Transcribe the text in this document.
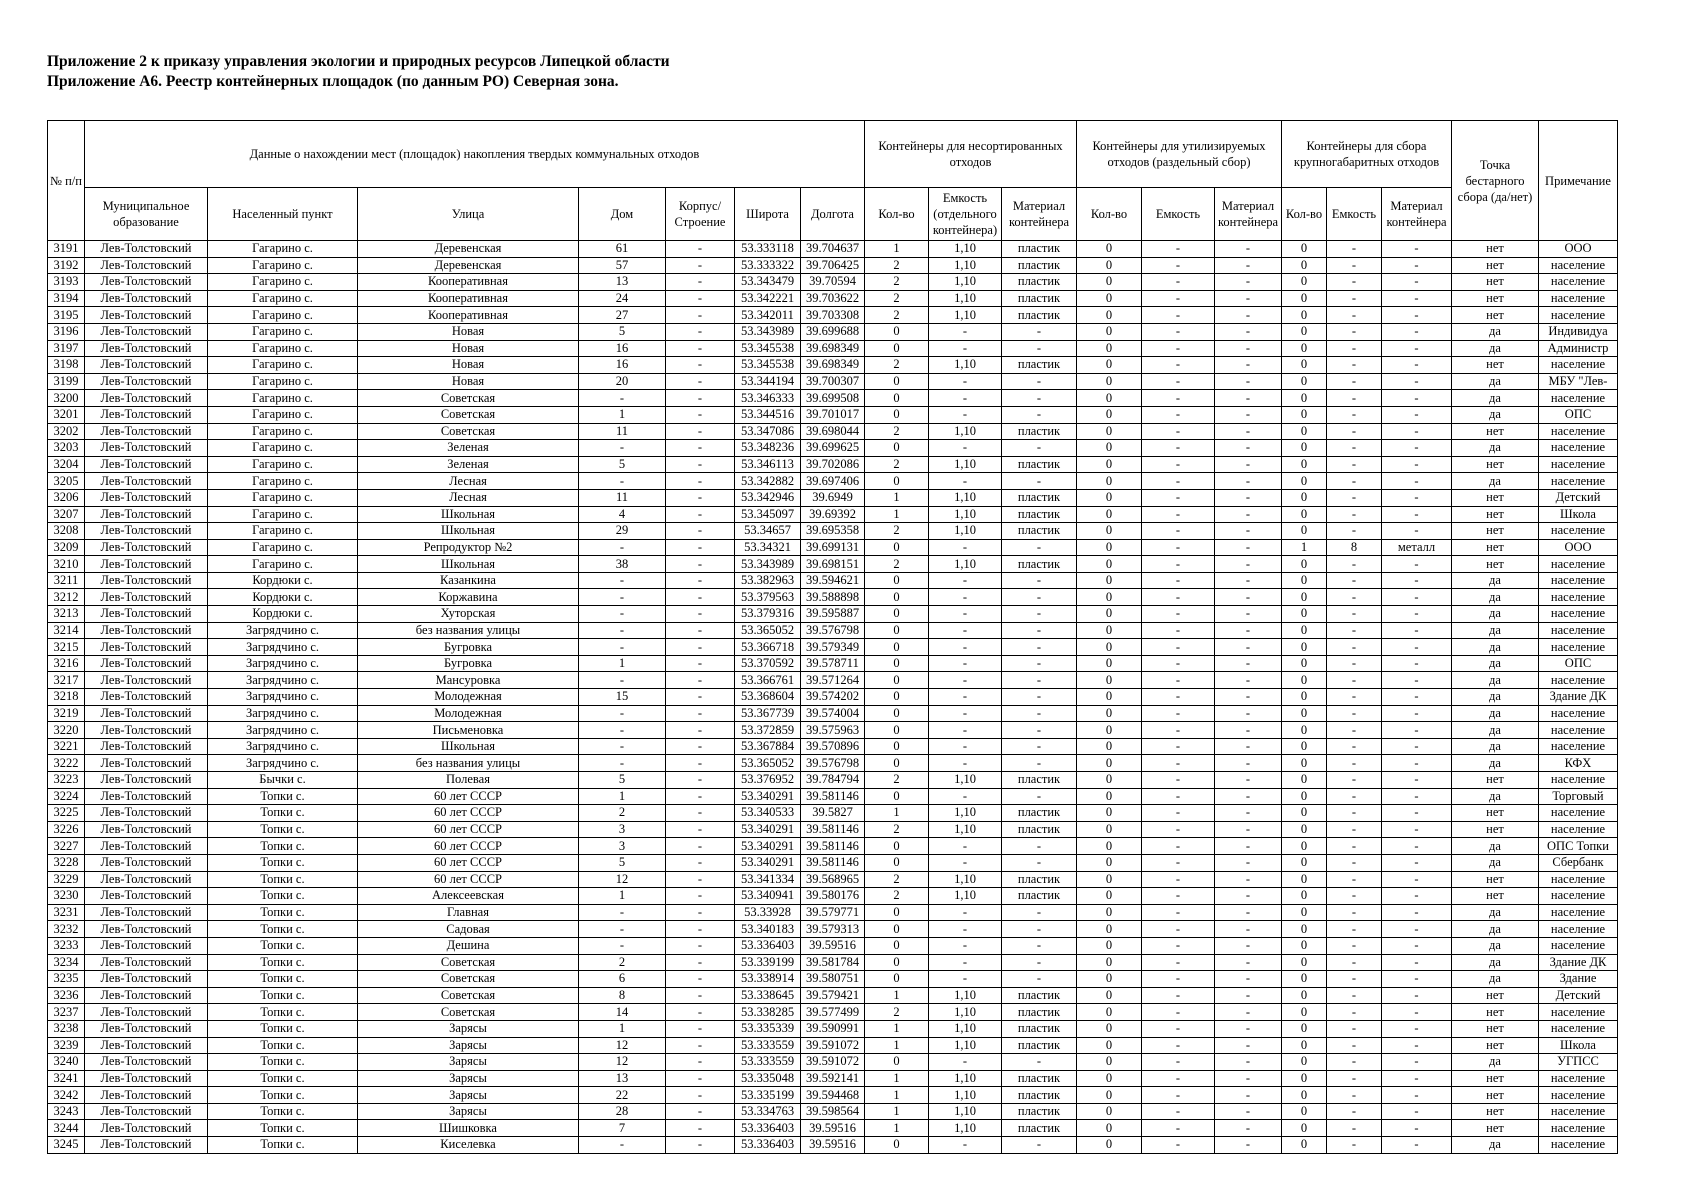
Приложение 2 к приказу управления экологии и природных ресурсов Липецкой области
Приложение А6. Реестр контейнерных площадок (по данным РО) Северная зона.
№ п/п	Данные о нахождении мест (площадок) накопления твердых коммунальных отходов							Контейнеры для несортированных отходов			Контейнеры для утилизируемых отходов (раздельный сбор)			Контейнеры для сбора крупногабаритных отходов			Точка бестарного сбора (да/нет)	Примечание
	Муниципальное образование	Населенный пункт	Улица	Дом	Корпус/ Строение	Широта	Долгота	Кол-во	Емкость (отдельного контейнера)	Материал контейнера	Кол-во	Емкость	Материал контейнера	Кол-во	Емкость	Материал контейнера		
3191	Лев-Толстовский	Гагарино с.	Деревенская	61	-	53.333118	39.704637	1	1,10	пластик	0	-	-	0	-	-	нет	ООО
3192	Лев-Толстовский	Гагарино с.	Деревенская	57	-	53.333322	39.706425	2	1,10	пластик	0	-	-	0	-	-	нет	население
3193	Лев-Толстовский	Гагарино с.	Кооперативная	13	-	53.343479	39.70594	2	1,10	пластик	0	-	-	0	-	-	нет	население
3194	Лев-Толстовский	Гагарино с.	Кооперативная	24	-	53.342221	39.703622	2	1,10	пластик	0	-	-	0	-	-	нет	население
3195	Лев-Толстовский	Гагарино с.	Кооперативная	27	-	53.342011	39.703308	2	1,10	пластик	0	-	-	0	-	-	нет	население
3196	Лев-Толстовский	Гагарино с.	Новая	5	-	53.343989	39.699688	0	-	-	0	-	-	0	-	-	да	Индивидуа
3197	Лев-Толстовский	Гагарино с.	Новая	16	-	53.345538	39.698349	0	-	-	0	-	-	0	-	-	да	Администр
3198	Лев-Толстовский	Гагарино с.	Новая	16	-	53.345538	39.698349	2	1,10	пластик	0	-	-	0	-	-	нет	население
3199	Лев-Толстовский	Гагарино с.	Новая	20	-	53.344194	39.700307	0	-	-	0	-	-	0	-	-	да	МБУ "Лев-
3200	Лев-Толстовский	Гагарино с.	Советская	-	-	53.346333	39.699508	0	-	-	0	-	-	0	-	-	да	население
3201	Лев-Толстовский	Гагарино с.	Советская	1	-	53.344516	39.701017	0	-	-	0	-	-	0	-	-	да	ОПС
3202	Лев-Толстовский	Гагарино с.	Советская	11	-	53.347086	39.698044	2	1,10	пластик	0	-	-	0	-	-	нет	население
3203	Лев-Толстовский	Гагарино с.	Зеленая	-	-	53.348236	39.699625	0	-	-	0	-	-	0	-	-	да	население
3204	Лев-Толстовский	Гагарино с.	Зеленая	5	-	53.346113	39.702086	2	1,10	пластик	0	-	-	0	-	-	нет	население
3205	Лев-Толстовский	Гагарино с.	Лесная	-	-	53.342882	39.697406	0	-	-	0	-	-	0	-	-	да	население
3206	Лев-Толстовский	Гагарино с.	Лесная	11	-	53.342946	39.6949	1	1,10	пластик	0	-	-	0	-	-	нет	Детский
3207	Лев-Толстовский	Гагарино с.	Школьная	4	-	53.345097	39.69392	1	1,10	пластик	0	-	-	0	-	-	нет	Школа
3208	Лев-Толстовский	Гагарино с.	Школьная	29	-	53.34657	39.695358	2	1,10	пластик	0	-	-	0	-	-	нет	население
3209	Лев-Толстовский	Гагарино с.	Репродуктор №2	-	-	53.34321	39.699131	0	-	-	0	-	-	1	8	металл	нет	ООО
3210	Лев-Толстовский	Гагарино с.	Школьная	38	-	53.343989	39.698151	2	1,10	пластик	0	-	-	0	-	-	нет	население
3211	Лев-Толстовский	Кордюки с.	Казанкина	-	-	53.382963	39.594621	0	-	-	0	-	-	0	-	-	да	население
3212	Лев-Толстовский	Кордюки с.	Коржавина	-	-	53.379563	39.588898	0	-	-	0	-	-	0	-	-	да	население
3213	Лев-Толстовский	Кордюки с.	Хуторская	-	-	53.379316	39.595887	0	-	-	0	-	-	0	-	-	да	население
3214	Лев-Толстовский	Загрядчино с.	без названия улицы	-	-	53.365052	39.576798	0	-	-	0	-	-	0	-	-	да	население
3215	Лев-Толстовский	Загрядчино с.	Бугровка	-	-	53.366718	39.579349	0	-	-	0	-	-	0	-	-	да	население
3216	Лев-Толстовский	Загрядчино с.	Бугровка	1	-	53.370592	39.578711	0	-	-	0	-	-	0	-	-	да	ОПС
3217	Лев-Толстовский	Загрядчино с.	Мансуровка	-	-	53.366761	39.571264	0	-	-	0	-	-	0	-	-	да	население
3218	Лев-Толстовский	Загрядчино с.	Молодежная	15	-	53.368604	39.574202	0	-	-	0	-	-	0	-	-	да	Здание ДК
3219	Лев-Толстовский	Загрядчино с.	Молодежная	-	-	53.367739	39.574004	0	-	-	0	-	-	0	-	-	да	население
3220	Лев-Толстовский	Загрядчино с.	Письменовка	-	-	53.372859	39.575963	0	-	-	0	-	-	0	-	-	да	население
3221	Лев-Толстовский	Загрядчино с.	Школьная	-	-	53.367884	39.570896	0	-	-	0	-	-	0	-	-	да	население
3222	Лев-Толстовский	Загрядчино с.	без названия улицы	-	-	53.365052	39.576798	0	-	-	0	-	-	0	-	-	да	КФХ
3223	Лев-Толстовский	Бычки с.	Полевая	5	-	53.376952	39.784794	2	1,10	пластик	0	-	-	0	-	-	нет	население
3224	Лев-Толстовский	Топки с.	60 лет СССР	1	-	53.340291	39.581146	0	-	-	0	-	-	0	-	-	да	Торговый
3225	Лев-Толстовский	Топки с.	60 лет СССР	2	-	53.340533	39.5827	1	1,10	пластик	0	-	-	0	-	-	нет	население
3226	Лев-Толстовский	Топки с.	60 лет СССР	3	-	53.340291	39.581146	2	1,10	пластик	0	-	-	0	-	-	нет	население
3227	Лев-Толстовский	Топки с.	60 лет СССР	3	-	53.340291	39.581146	0	-	-	0	-	-	0	-	-	да	ОПС Топки
3228	Лев-Толстовский	Топки с.	60 лет СССР	5	-	53.340291	39.581146	0	-	-	0	-	-	0	-	-	да	Сбербанк
3229	Лев-Толстовский	Топки с.	60 лет СССР	12	-	53.341334	39.568965	2	1,10	пластик	0	-	-	0	-	-	нет	население
3230	Лев-Толстовский	Топки с.	Алексеевская	1	-	53.340941	39.580176	2	1,10	пластик	0	-	-	0	-	-	нет	население
3231	Лев-Толстовский	Топки с.	Главная	-	-	53.33928	39.579771	0	-	-	0	-	-	0	-	-	да	население
3232	Лев-Толстовский	Топки с.	Садовая	-	-	53.340183	39.579313	0	-	-	0	-	-	0	-	-	да	население
3233	Лев-Толстовский	Топки с.	Дешина	-	-	53.336403	39.59516	0	-	-	0	-	-	0	-	-	да	население
3234	Лев-Толстовский	Топки с.	Советская	2	-	53.339199	39.581784	0	-	-	0	-	-	0	-	-	да	Здание ДК
3235	Лев-Толстовский	Топки с.	Советская	6	-	53.338914	39.580751	0	-	-	0	-	-	0	-	-	да	Здание
3236	Лев-Толстовский	Топки с.	Советская	8	-	53.338645	39.579421	1	1,10	пластик	0	-	-	0	-	-	нет	Детский
3237	Лев-Толстовский	Топки с.	Советская	14	-	53.338285	39.577499	2	1,10	пластик	0	-	-	0	-	-	нет	население
3238	Лев-Толстовский	Топки с.	Зарясы	1	-	53.335339	39.590991	1	1,10	пластик	0	-	-	0	-	-	нет	население
3239	Лев-Толстовский	Топки с.	Зарясы	12	-	53.333559	39.591072	1	1,10	пластик	0	-	-	0	-	-	нет	Школа
3240	Лев-Толстовский	Топки с.	Зарясы	12	-	53.333559	39.591072	0	-	-	0	-	-	0	-	-	да	УГПСС
3241	Лев-Толстовский	Топки с.	Зарясы	13	-	53.335048	39.592141	1	1,10	пластик	0	-	-	0	-	-	нет	население
3242	Лев-Толстовский	Топки с.	Зарясы	22	-	53.335199	39.594468	1	1,10	пластик	0	-	-	0	-	-	нет	население
3243	Лев-Толстовский	Топки с.	Зарясы	28	-	53.334763	39.598564	1	1,10	пластик	0	-	-	0	-	-	нет	население
3244	Лев-Толстовский	Топки с.	Шишковка	7	-	53.336403	39.59516	1	1,10	пластик	0	-	-	0	-	-	нет	население
3245	Лев-Толстовский	Топки с.	Киселевка	-	-	53.336403	39.59516	0	-	-	0	-	-	0	-	-	да	население
